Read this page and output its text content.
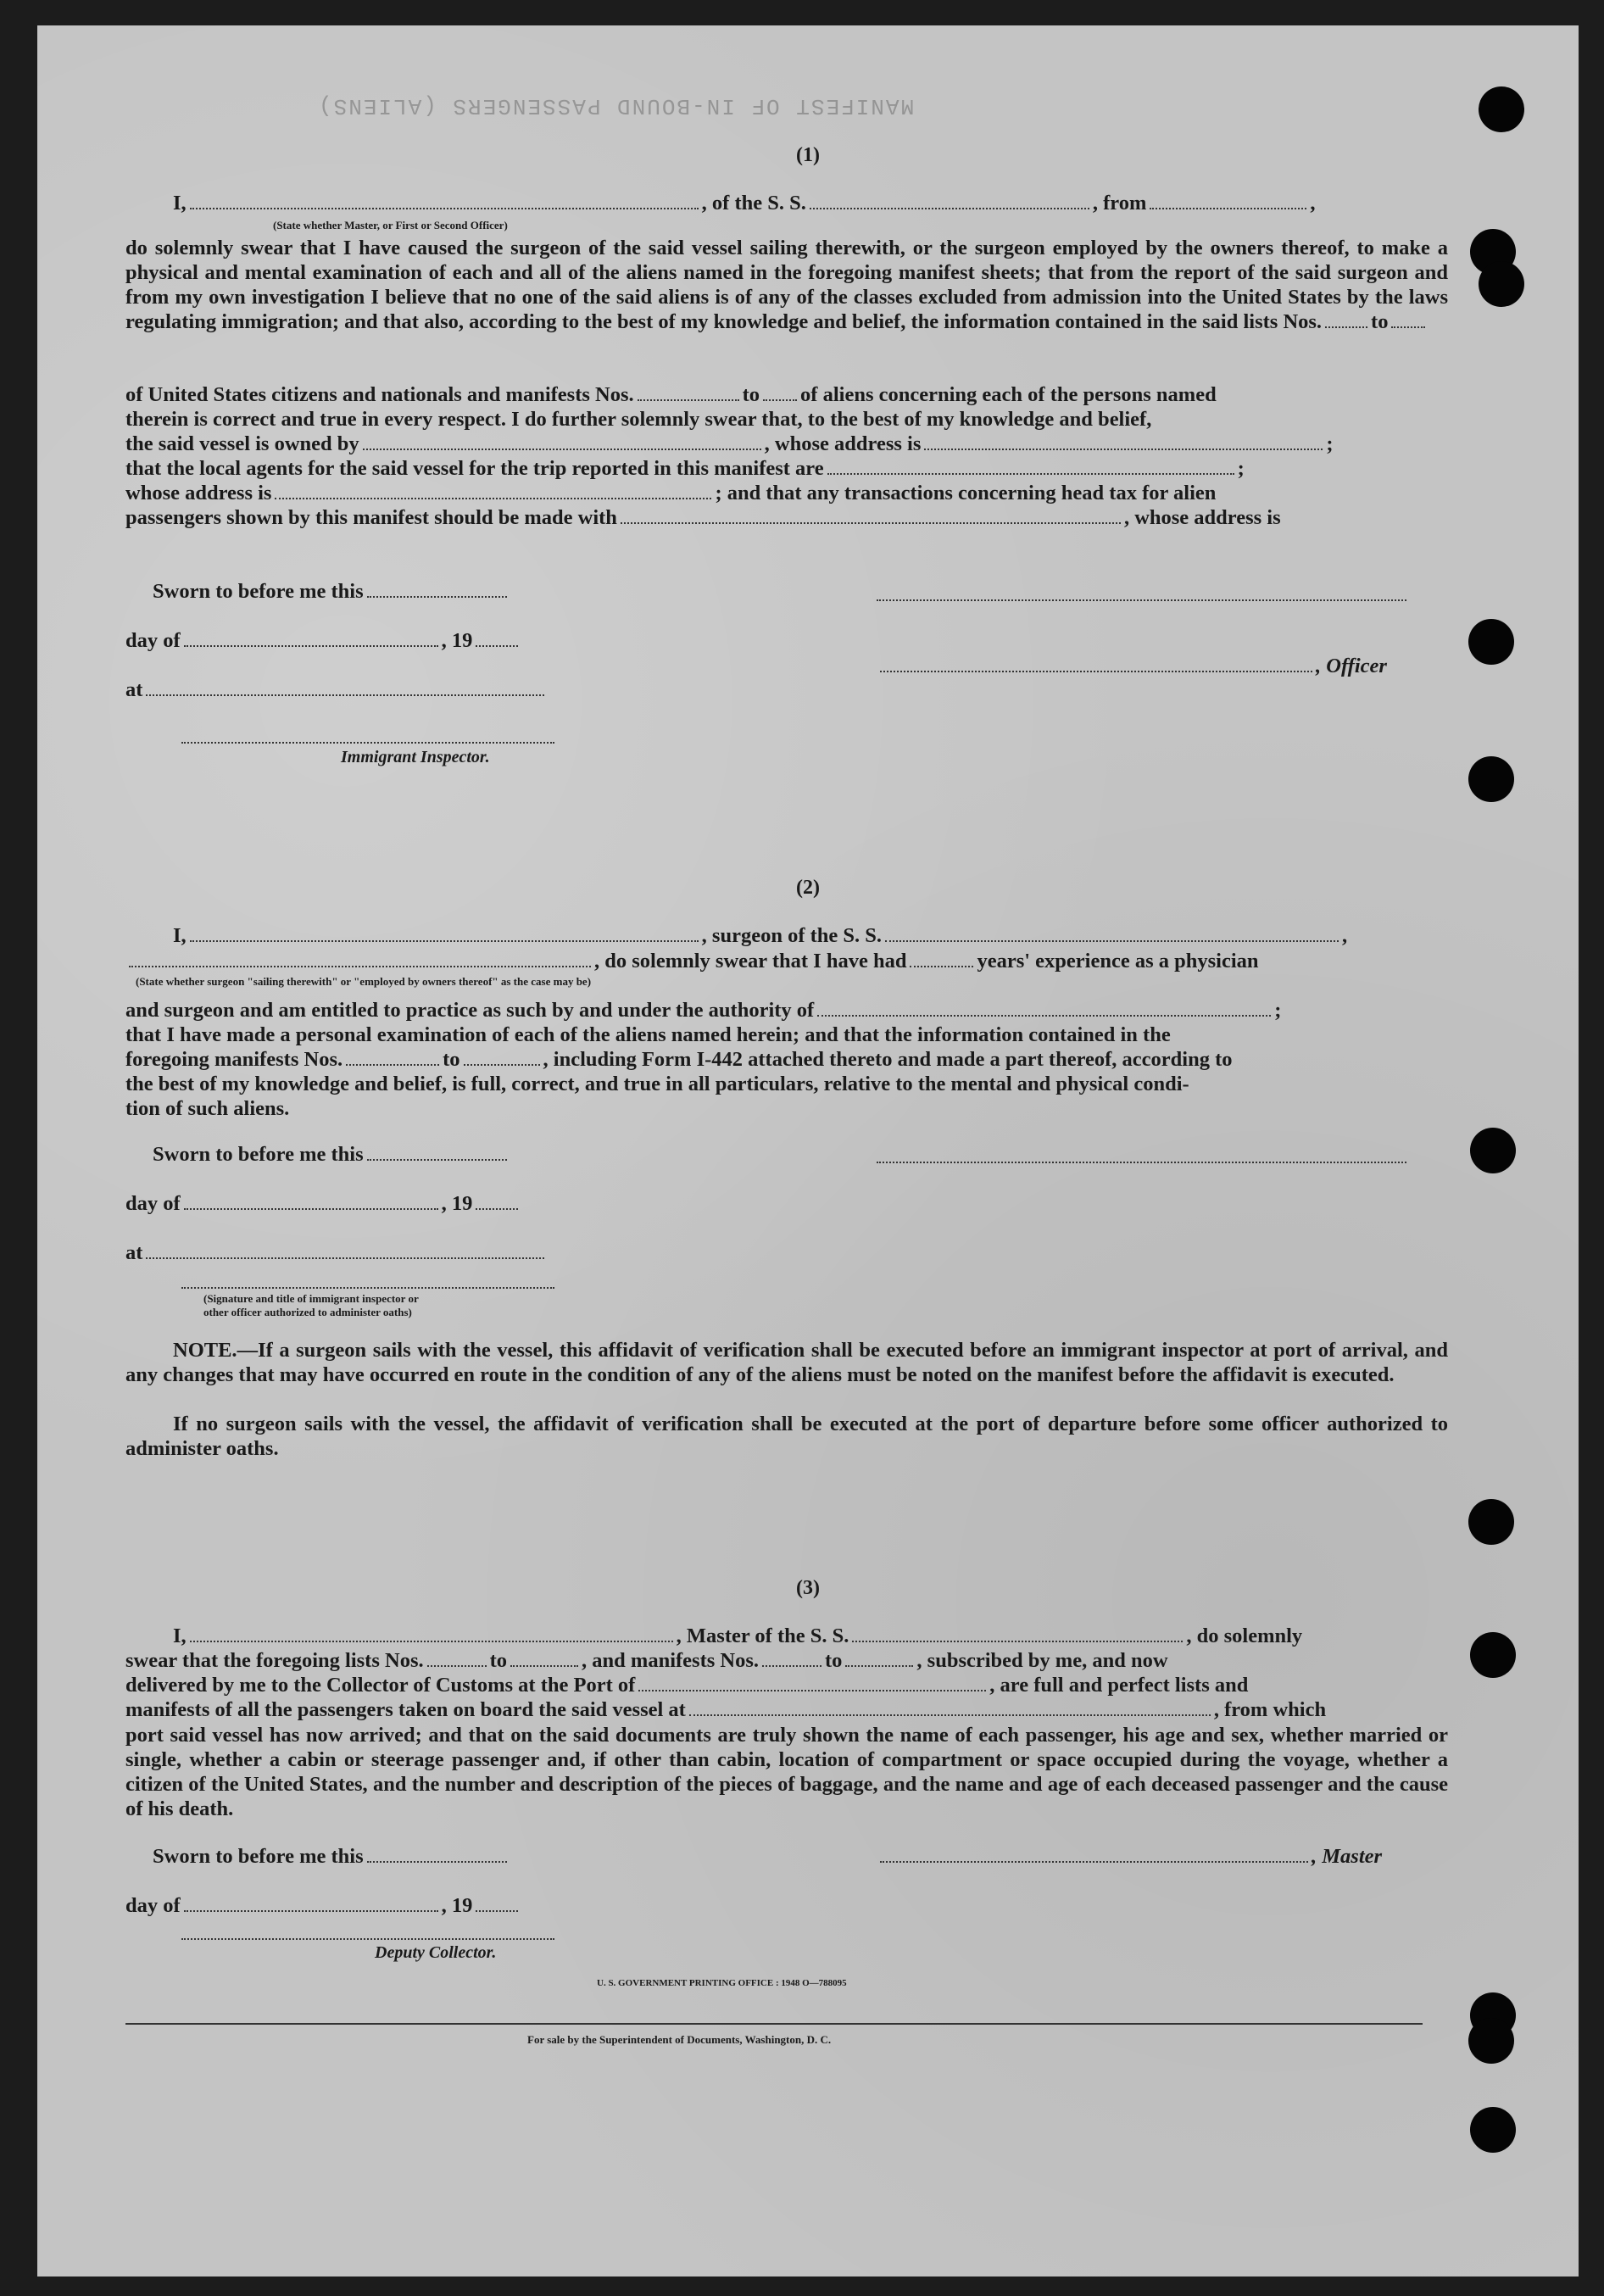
MANIFEST OF IN-BOUND PASSENGERS (ALIENS)
(1)
I,	, of the S. S.	, from	,
(State whether Master, or First or Second Officer)
do solemnly swear that I have caused the surgeon of the said vessel sailing therewith, or the surgeon employed by the owners thereof, to make a physical and mental examination of each and all of the aliens named in the foregoing manifest sheets; that from the report of the said surgeon and from my own investigation I believe that no one of the said aliens is of any of the classes excluded from admission into the United States by the laws regulating immigration; and that also, according to the best of my knowledge and belief, the information contained in the said lists Nos. to
of United States citizens and nationals and manifests Nos.	to of aliens concerning each of the persons named
therein is correct and true in every respect. I do further solemnly swear that, to the best of my knowledge and belief,
the said vessel is owned by	, whose address is	;
that the local agents for the said vessel for the trip reported in this manifest are	;
whose address is	; and that any transactions concerning head tax for alien
passengers shown by this manifest should be made with	, whose address is
Sworn to before me this
day of	, 19
at
, Officer
Immigrant Inspector.
(2)
I,	, surgeon of the S. S.	,
, do solemnly swear that I have had	years' experience as a physician
(State whether surgeon "sailing therewith" or "employed by owners thereof" as the case may be)
and surgeon and am entitled to practice as such by and under the authority of	;
that I have made a personal examination of each of the aliens named herein; and that the information contained in the
foregoing manifests Nos.	to	, including Form I-442 attached thereto and made a part thereof, according to
the best of my knowledge and belief, is full, correct, and true in all particulars, relative to the mental and physical condi-
tion of such aliens.
Sworn to before me this
day of	, 19
at
(Signature and title of immigrant inspector or
other officer authorized to administer oaths)
NOTE.—If a surgeon sails with the vessel, this affidavit of verification shall be executed before an immigrant inspector at port of arrival, and any changes that may have occurred en route in the condition of any of the aliens must be noted on the manifest before the affidavit is executed.
If no surgeon sails with the vessel, the affidavit of verification shall be executed at the port of departure before some officer authorized to administer oaths.
(3)
I,	, Master of the S. S.	, do solemnly
swear that the foregoing lists Nos.	to	, and manifests Nos.	to	, subscribed by me, and now
delivered by me to the Collector of Customs at the Port of	, are full and perfect lists and
manifests of all the passengers taken on board the said vessel at	, from which
port said vessel has now arrived; and that on the said documents are truly shown the name of each passenger, his age and sex, whether married or single, whether a cabin or steerage passenger and, if other than cabin, location of compartment or space occupied during the voyage, whether a citizen of the United States, and the number and description of the pieces of baggage, and the name and age of each deceased passenger and the cause of his death.
Sworn to before me this	, Master
day of	, 19
Deputy Collector.
U. S. GOVERNMENT PRINTING OFFICE : 1948 O—788095
For sale by the Superintendent of Documents, Washington, D. C.
